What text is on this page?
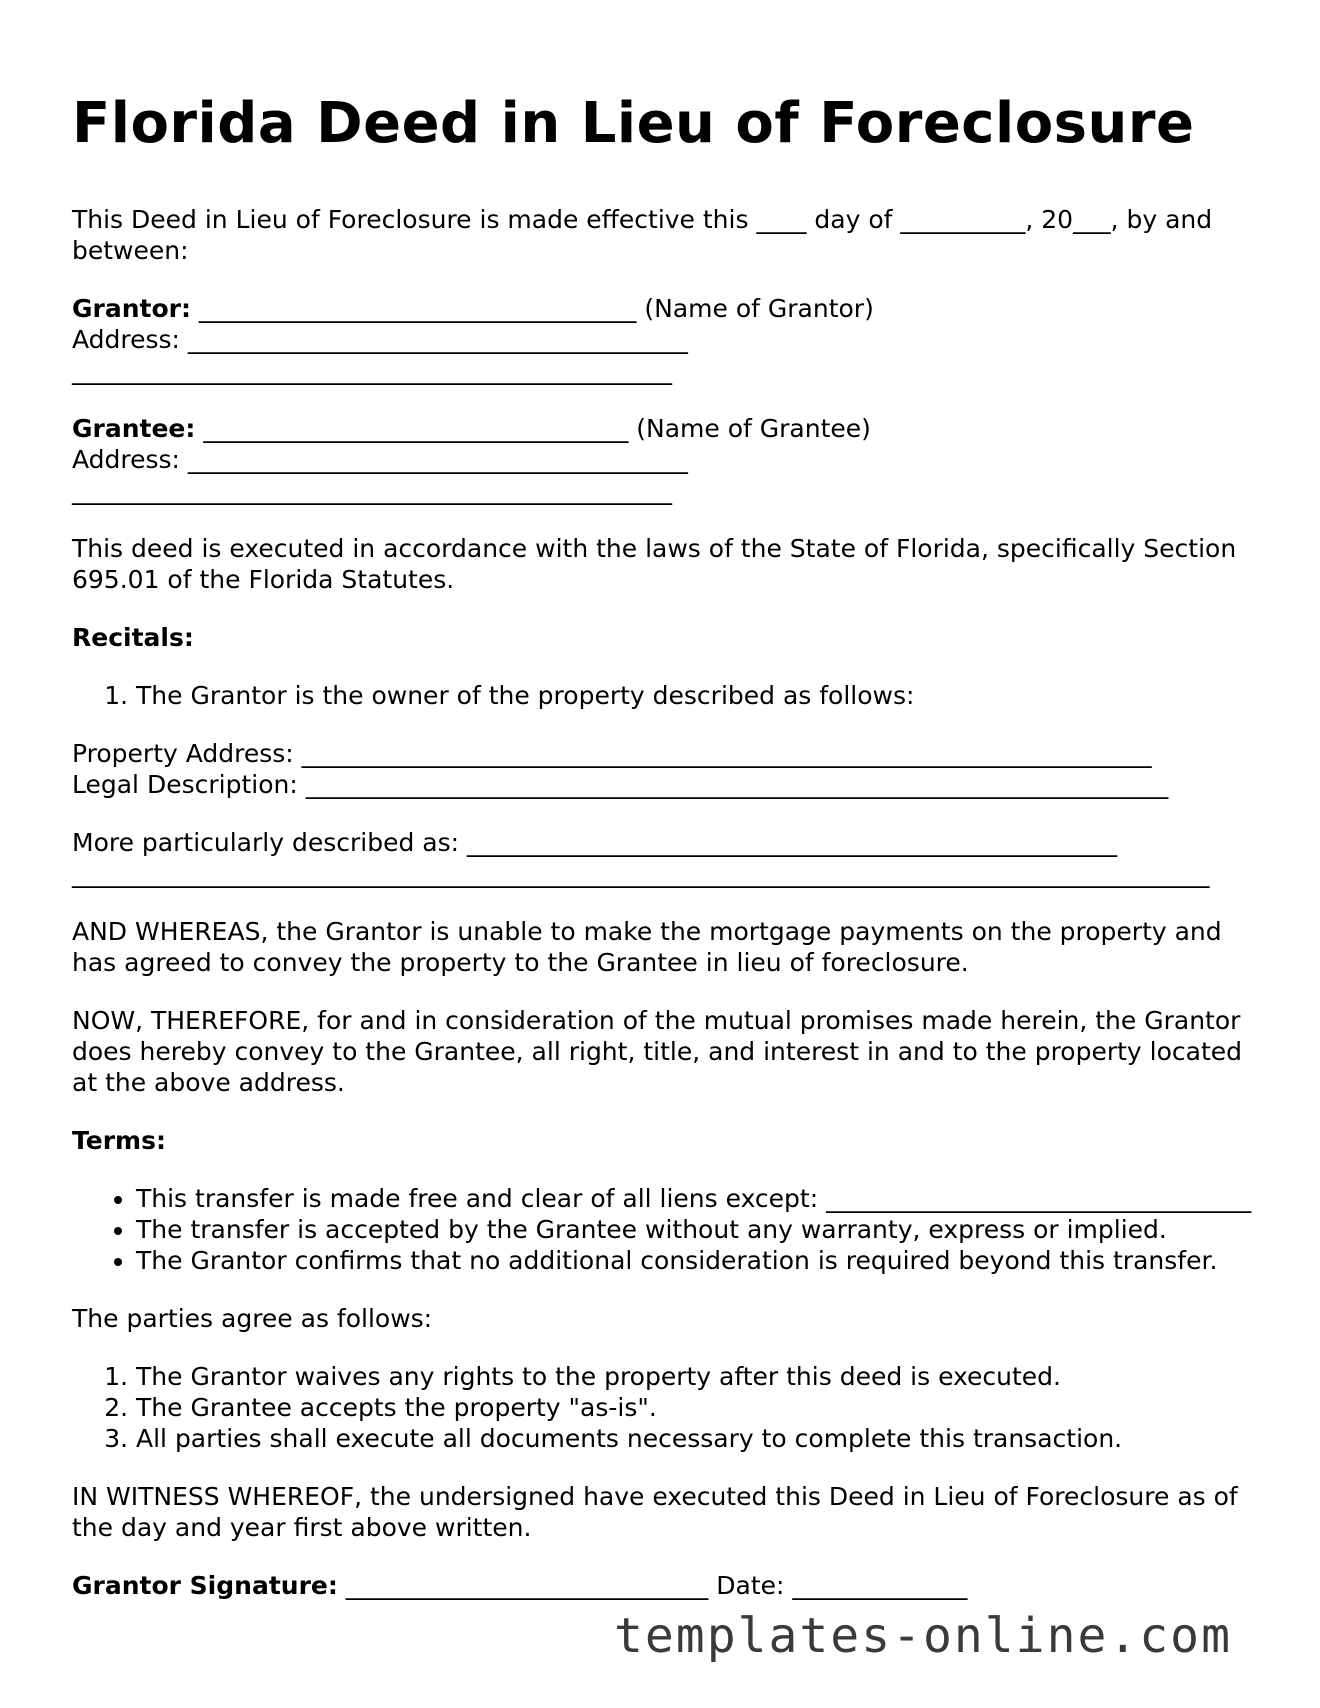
Florida Deed in Lieu of Foreclosure

This Deed in Lieu of Foreclosure is made effective this ____ day of __________, 20___, by and between:

Grantor: ___________________________________ (Name of Grantor)
Address: ________________________________________
________________________________________________

Grantee: __________________________________ (Name of Grantee)
Address: ________________________________________
________________________________________________

This deed is executed in accordance with the laws of the State of Florida, specifically Section 695.01 of the Florida Statutes.

Recitals:

1. The Grantor is the owner of the property described as follows:

Property Address: ____________________________________________________________________
Legal Description: _____________________________________________________________________

More particularly described as: ____________________________________________________
___________________________________________________________________________________________

AND WHEREAS, the Grantor is unable to make the mortgage payments on the property and has agreed to convey the property to the Grantee in lieu of foreclosure.

NOW, THEREFORE, for and in consideration of the mutual promises made herein, the Grantor does hereby convey to the Grantee, all right, title, and interest in and to the property located at the above address.

Terms:

• This transfer is made free and clear of all liens except: __________________________________
• The transfer is accepted by the Grantee without any warranty, express or implied.
• The Grantor confirms that no additional consideration is required beyond this transfer.

The parties agree as follows:

1. The Grantor waives any rights to the property after this deed is executed.
2. The Grantee accepts the property "as-is".
3. All parties shall execute all documents necessary to complete this transaction.

IN WITNESS WHEREOF, the undersigned have executed this Deed in Lieu of Foreclosure as of the day and year first above written.

Grantor Signature: _____________________________ Date: ______________

templates-online.com
